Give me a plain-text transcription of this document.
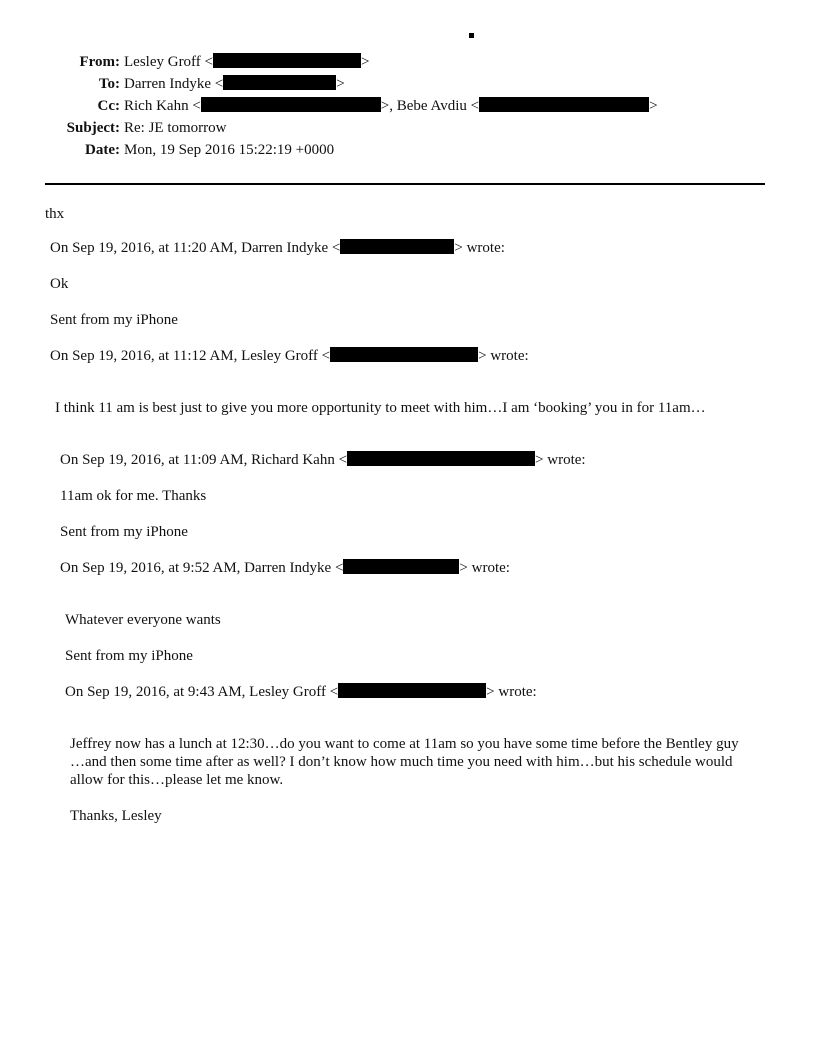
From: Lesley Groff <	>
To: Darren Indyke <	>
Cc: Rich Kahn <	>, Bebe Avdiu <	>
Subject: Re: JE tomorrow
Date: Mon, 19 Sep 2016 15:22:19 +0000
thx
On Sep 19, 2016, at 11:20 AM, Darren Indyke <	> wrote:
Ok
Sent from my iPhone
On Sep 19, 2016, at 11:12 AM, Lesley Groff <	> wrote:
I think 11 am is best just to give you more opportunity to meet with him…I am ‘booking’ you in for 11am…
On Sep 19, 2016, at 11:09 AM, Richard Kahn <	> wrote:
11am ok for me. Thanks
Sent from my iPhone
On Sep 19, 2016, at 9:52 AM, Darren Indyke <	> wrote:
Whatever everyone wants
Sent from my iPhone
On Sep 19, 2016, at 9:43 AM, Lesley Groff <	> wrote:
Jeffrey now has a lunch at 12:30…do you want to come at 11am so you have some time before the Bentley guy …and then some time after as well? I don’t know how much time you need with him…but his schedule would allow for this…please let me know.
Thanks, Lesley
